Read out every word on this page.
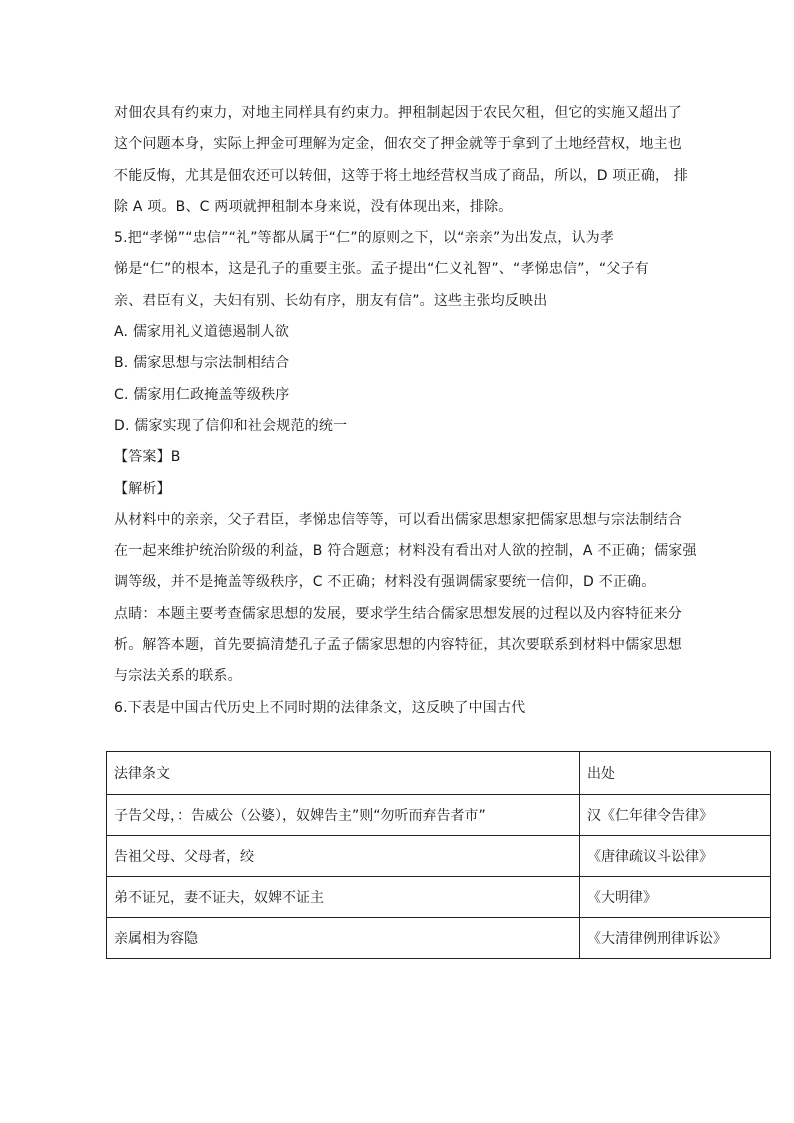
对佃农具有约束力，对地主同样具有约束力。押租制起因于农民欠租，但它的实施又超出了
这个问题本身，实际上押金可理解为定金，佃农交了押金就等于拿到了土地经营权，地主也
不能反悔，尤其是佃农还可以转佃，这等于将土地经营权当成了商品，所以，D 项正确， 排
除 A 项。B、C 两项就押租制本身来说，没有体现出来，排除。
5.把“孝悌”“忠信”“礼”等都从属于“仁”的原则之下，以“亲亲”为出发点，认为孝
悌是“仁”的根本，这是孔子的重要主张。孟子提出“仁义礼智”、“孝悌忠信”，“父子有
亲、君臣有义，夫妇有别、长幼有序，朋友有信”。这些主张均反映出
A. 儒家用礼义道德遏制人欲
B. 儒家思想与宗法制相结合
C. 儒家用仁政掩盖等级秩序
D. 儒家实现了信仰和社会规范的统一
【答案】B
【解析】
从材料中的亲亲，父子君臣，孝悌忠信等等，可以看出儒家思想家把儒家思想与宗法制结合
在一起来维护统治阶级的利益，B 符合题意；材料没有看出对人欲的控制，A 不正确；儒家强
调等级，并不是掩盖等级秩序，C 不正确；材料没有强调儒家要统一信仰，D 不正确。
点睛：本题主要考查儒家思想的发展，要求学生结合儒家思想发展的过程以及内容特征来分
析。解答本题，首先要搞清楚孔子孟子儒家思想的内容特征，其次要联系到材料中儒家思想
与宗法关系的联系。
6.下表是中国古代历史上不同时期的法律条文，这反映了中国古代
法律条文	出处
子告父母，：告威公（公婆），奴婢告主”则“勿听而弃告者市”	汉《仁年律令告律》
告祖父母、父母者，绞	《唐律疏议斗讼律》
弟不证兄，妻不证夫，奴婢不证主	《大明律》
亲属相为容隐	《大清律例刑律诉讼》
